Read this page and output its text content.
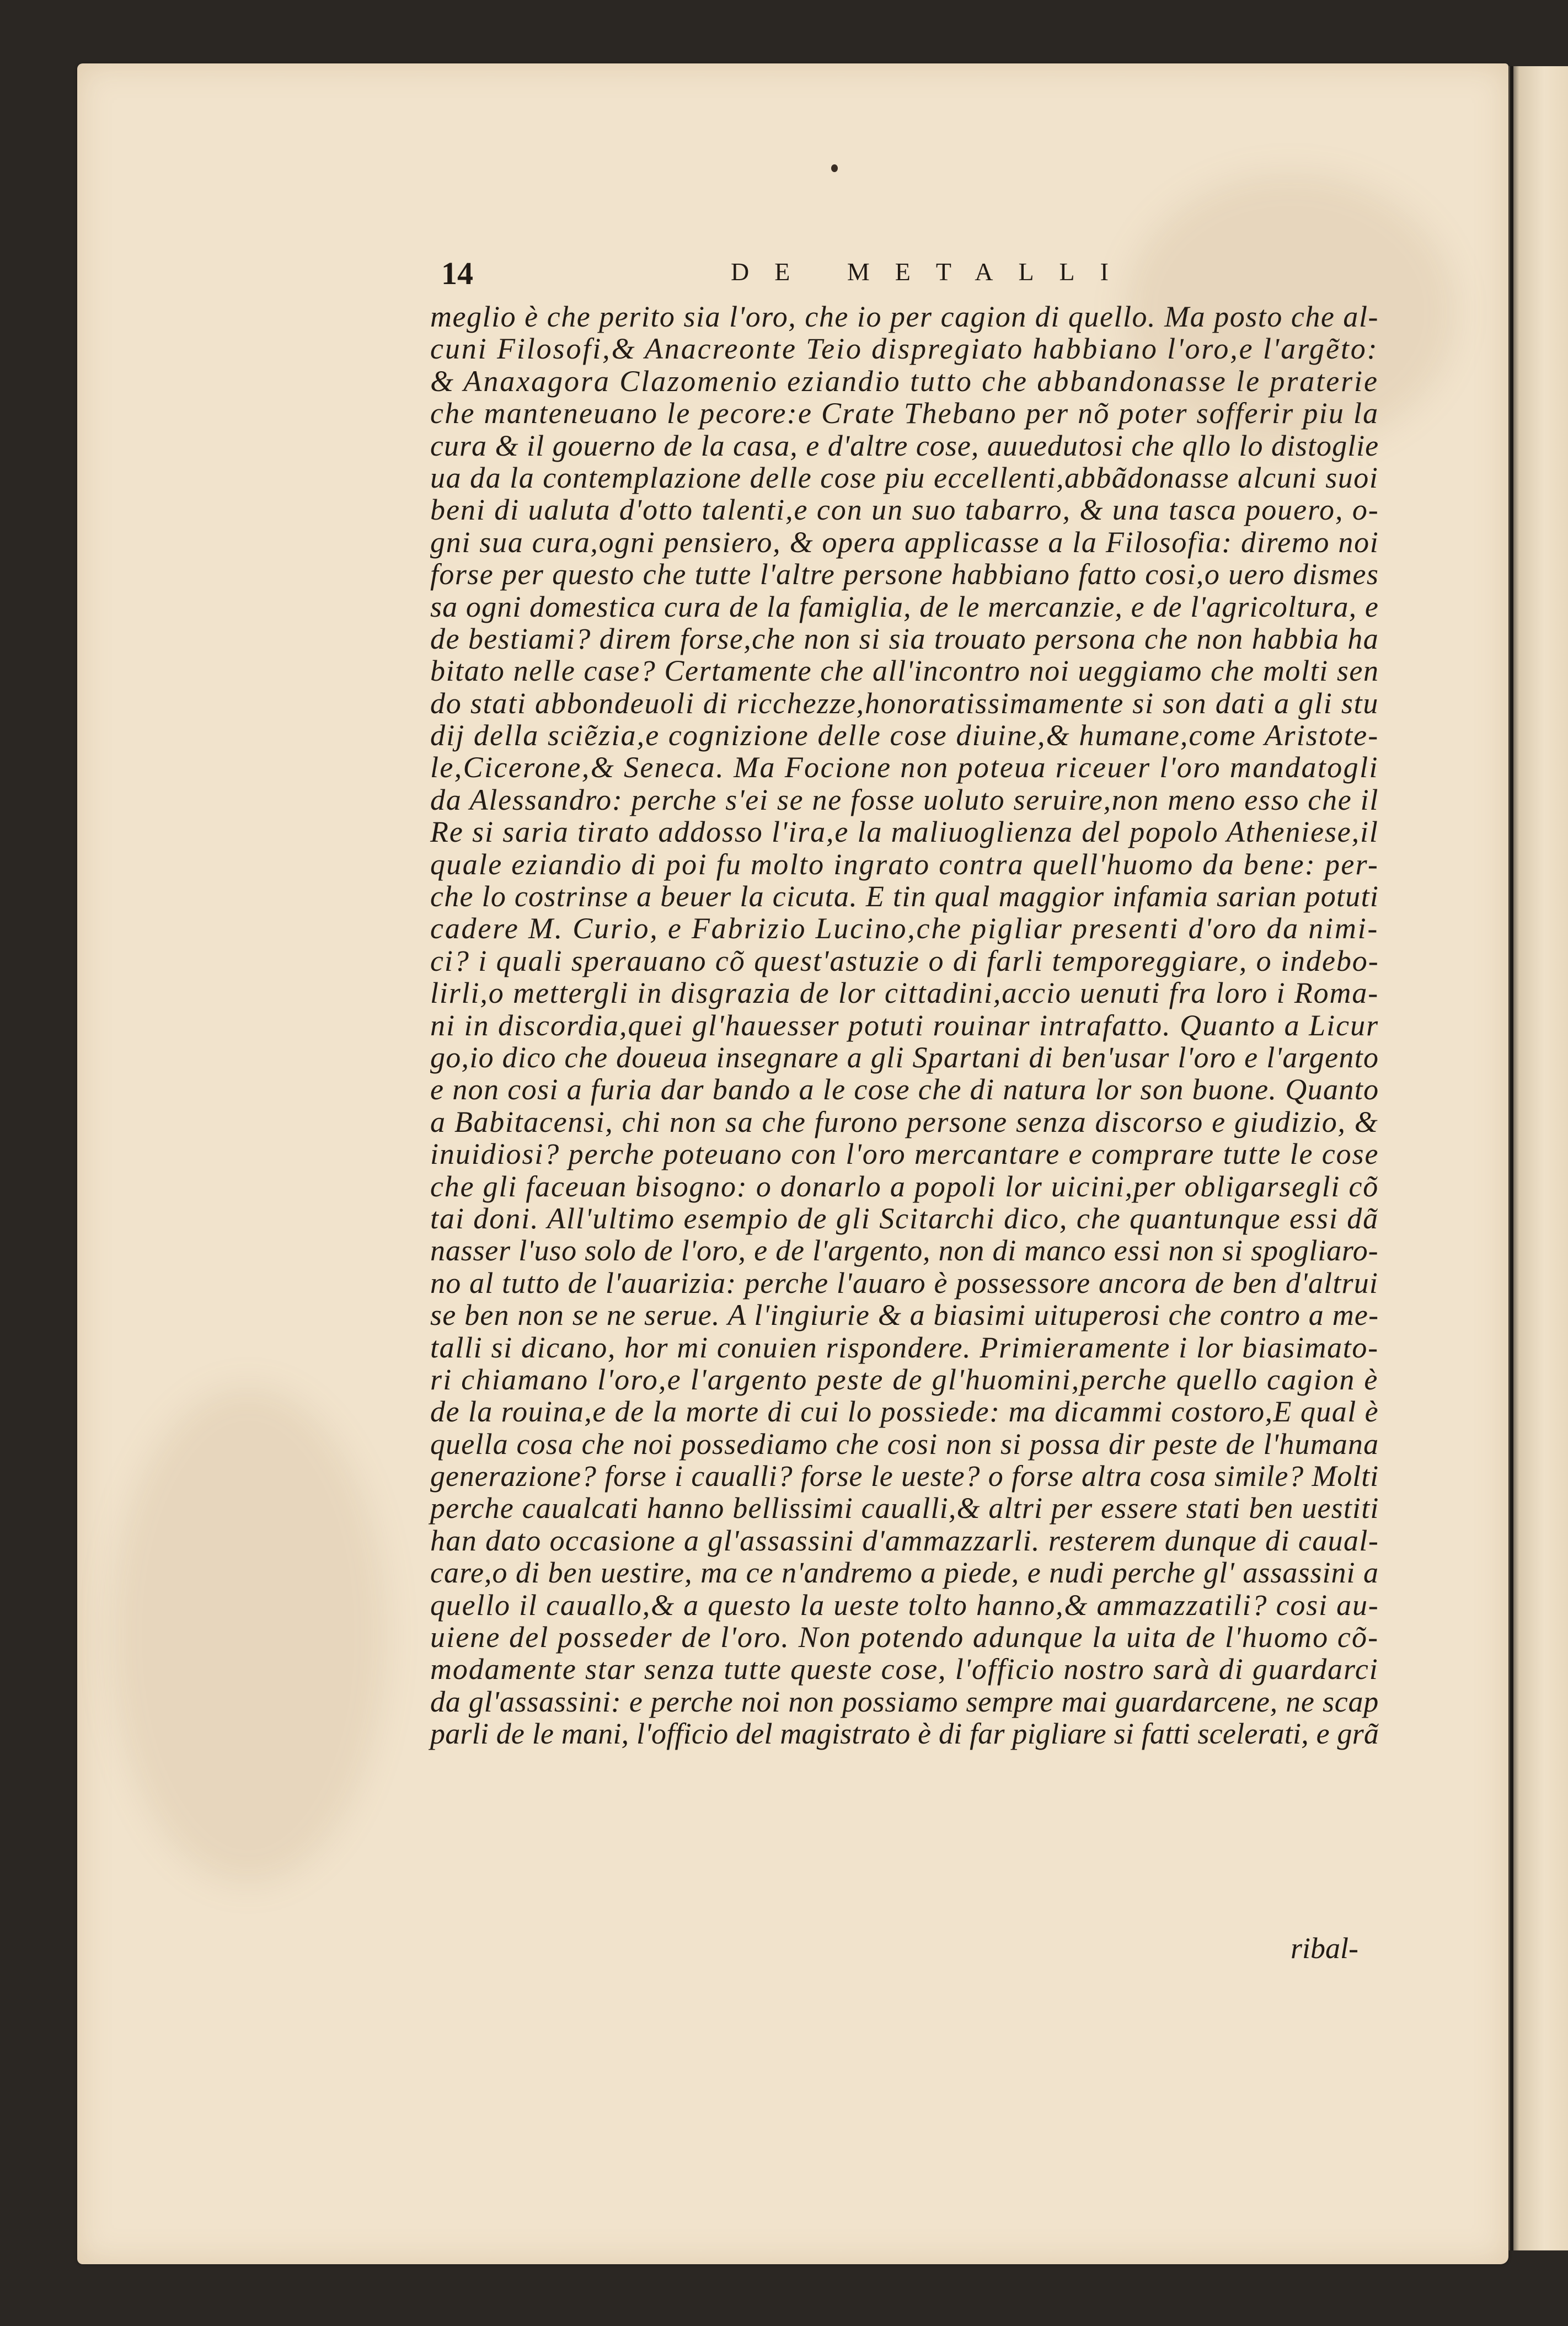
14	DE METALLI
meglio è che perito sia l'oro, che io per cagion di quello. Ma posto che al-
cuni Filosofi,& Anacreonte Teio dispregiato habbiano l'oro,e l'argẽto:
& Anaxagora Clazomenio eziandio tutto che abbandonasse le praterie
che manteneuano le pecore:e Crate Thebano per nõ poter sofferir piu la
cura & il gouerno de la casa, e d'altre cose, auuedutosi che qllo lo distoglie
ua da la contemplazione delle cose piu eccellenti,abbãdonasse alcuni suoi
beni di ualuta d'otto talenti,e con un suo tabarro, & una tasca pouero, o-
gni sua cura,ogni pensiero, & opera applicasse a la Filosofia: diremo noi
forse per questo che tutte l'altre persone habbiano fatto cosi,o uero dismes
sa ogni domestica cura de la famiglia, de le mercanzie, e de l'agricoltura, e
de bestiami? direm forse,che non si sia trouato persona che non habbia ha
bitato nelle case? Certamente che all'incontro noi ueggiamo che molti sen
do stati abbondeuoli di ricchezze,honoratissimamente si son dati a gli stu
dij della sciẽzia,e cognizione delle cose diuine,& humane,come Aristote-
le,Cicerone,& Seneca. Ma Focione non poteua riceuer l'oro mandatogli
da Alessandro: perche s'ei se ne fosse uoluto seruire,non meno esso che il
Re si saria tirato addosso l'ira,e la maliuoglienza del popolo Atheniese,il
quale eziandio di poi fu molto ingrato contra quell'huomo da bene: per-
che lo costrinse a beuer la cicuta. E tin qual maggior infamia sarian potuti
cadere M. Curio, e Fabrizio Lucino,che pigliar presenti d'oro da nimi-
ci? i quali sperauano cõ quest'astuzie o di farli temporeggiare, o indebo-
lirli,o mettergli in disgrazia de lor cittadini,accio uenuti fra loro i Roma-
ni in discordia,quei gl'hauesser potuti rouinar intrafatto. Quanto a Licur
go,io dico che doueua insegnare a gli Spartani di ben'usar l'oro e l'argento
e non cosi a furia dar bando a le cose che di natura lor son buone. Quanto
a Babitacensi, chi non sa che furono persone senza discorso e giudizio, &
inuidiosi? perche poteuano con l'oro mercantare e comprare tutte le cose
che gli faceuan bisogno: o donarlo a popoli lor uicini,per obligarsegli cõ
tai doni. All'ultimo esempio de gli Scitarchi dico, che quantunque essi dã
nasser l'uso solo de l'oro, e de l'argento, non di manco essi non si spogliaro-
no al tutto de l'auarizia: perche l'auaro è possessore ancora de ben d'altrui
se ben non se ne serue. A l'ingiurie & a biasimi uituperosi che contro a me-
talli si dicano, hor mi conuien rispondere. Primieramente i lor biasimato-
ri chiamano l'oro,e l'argento peste de gl'huomini,perche quello cagion è
de la rouina,e de la morte di cui lo possiede: ma dicammi costoro,E qual è
quella cosa che noi possediamo che cosi non si possa dir peste de l'humana
generazione? forse i caualli? forse le ueste? o forse altra cosa simile? Molti
perche caualcati hanno bellissimi caualli,& altri per essere stati ben uestiti
han dato occasione a gl'assassini d'ammazzarli. resterem dunque di caual-
care,o di ben uestire, ma ce n'andremo a piede, e nudi perche gl' assassini a
quello il cauallo,& a questo la ueste tolto hanno,& ammazzatili? cosi au-
uiene del posseder de l'oro. Non potendo adunque la uita de l'huomo cõ-
modamente star senza tutte queste cose, l'officio nostro sarà di guardarci
da gl'assassini: e perche noi non possiamo sempre mai guardarcene, ne scap
parli de le mani, l'officio del magistrato è di far pigliare si fatti scelerati, e grã
ribal-
